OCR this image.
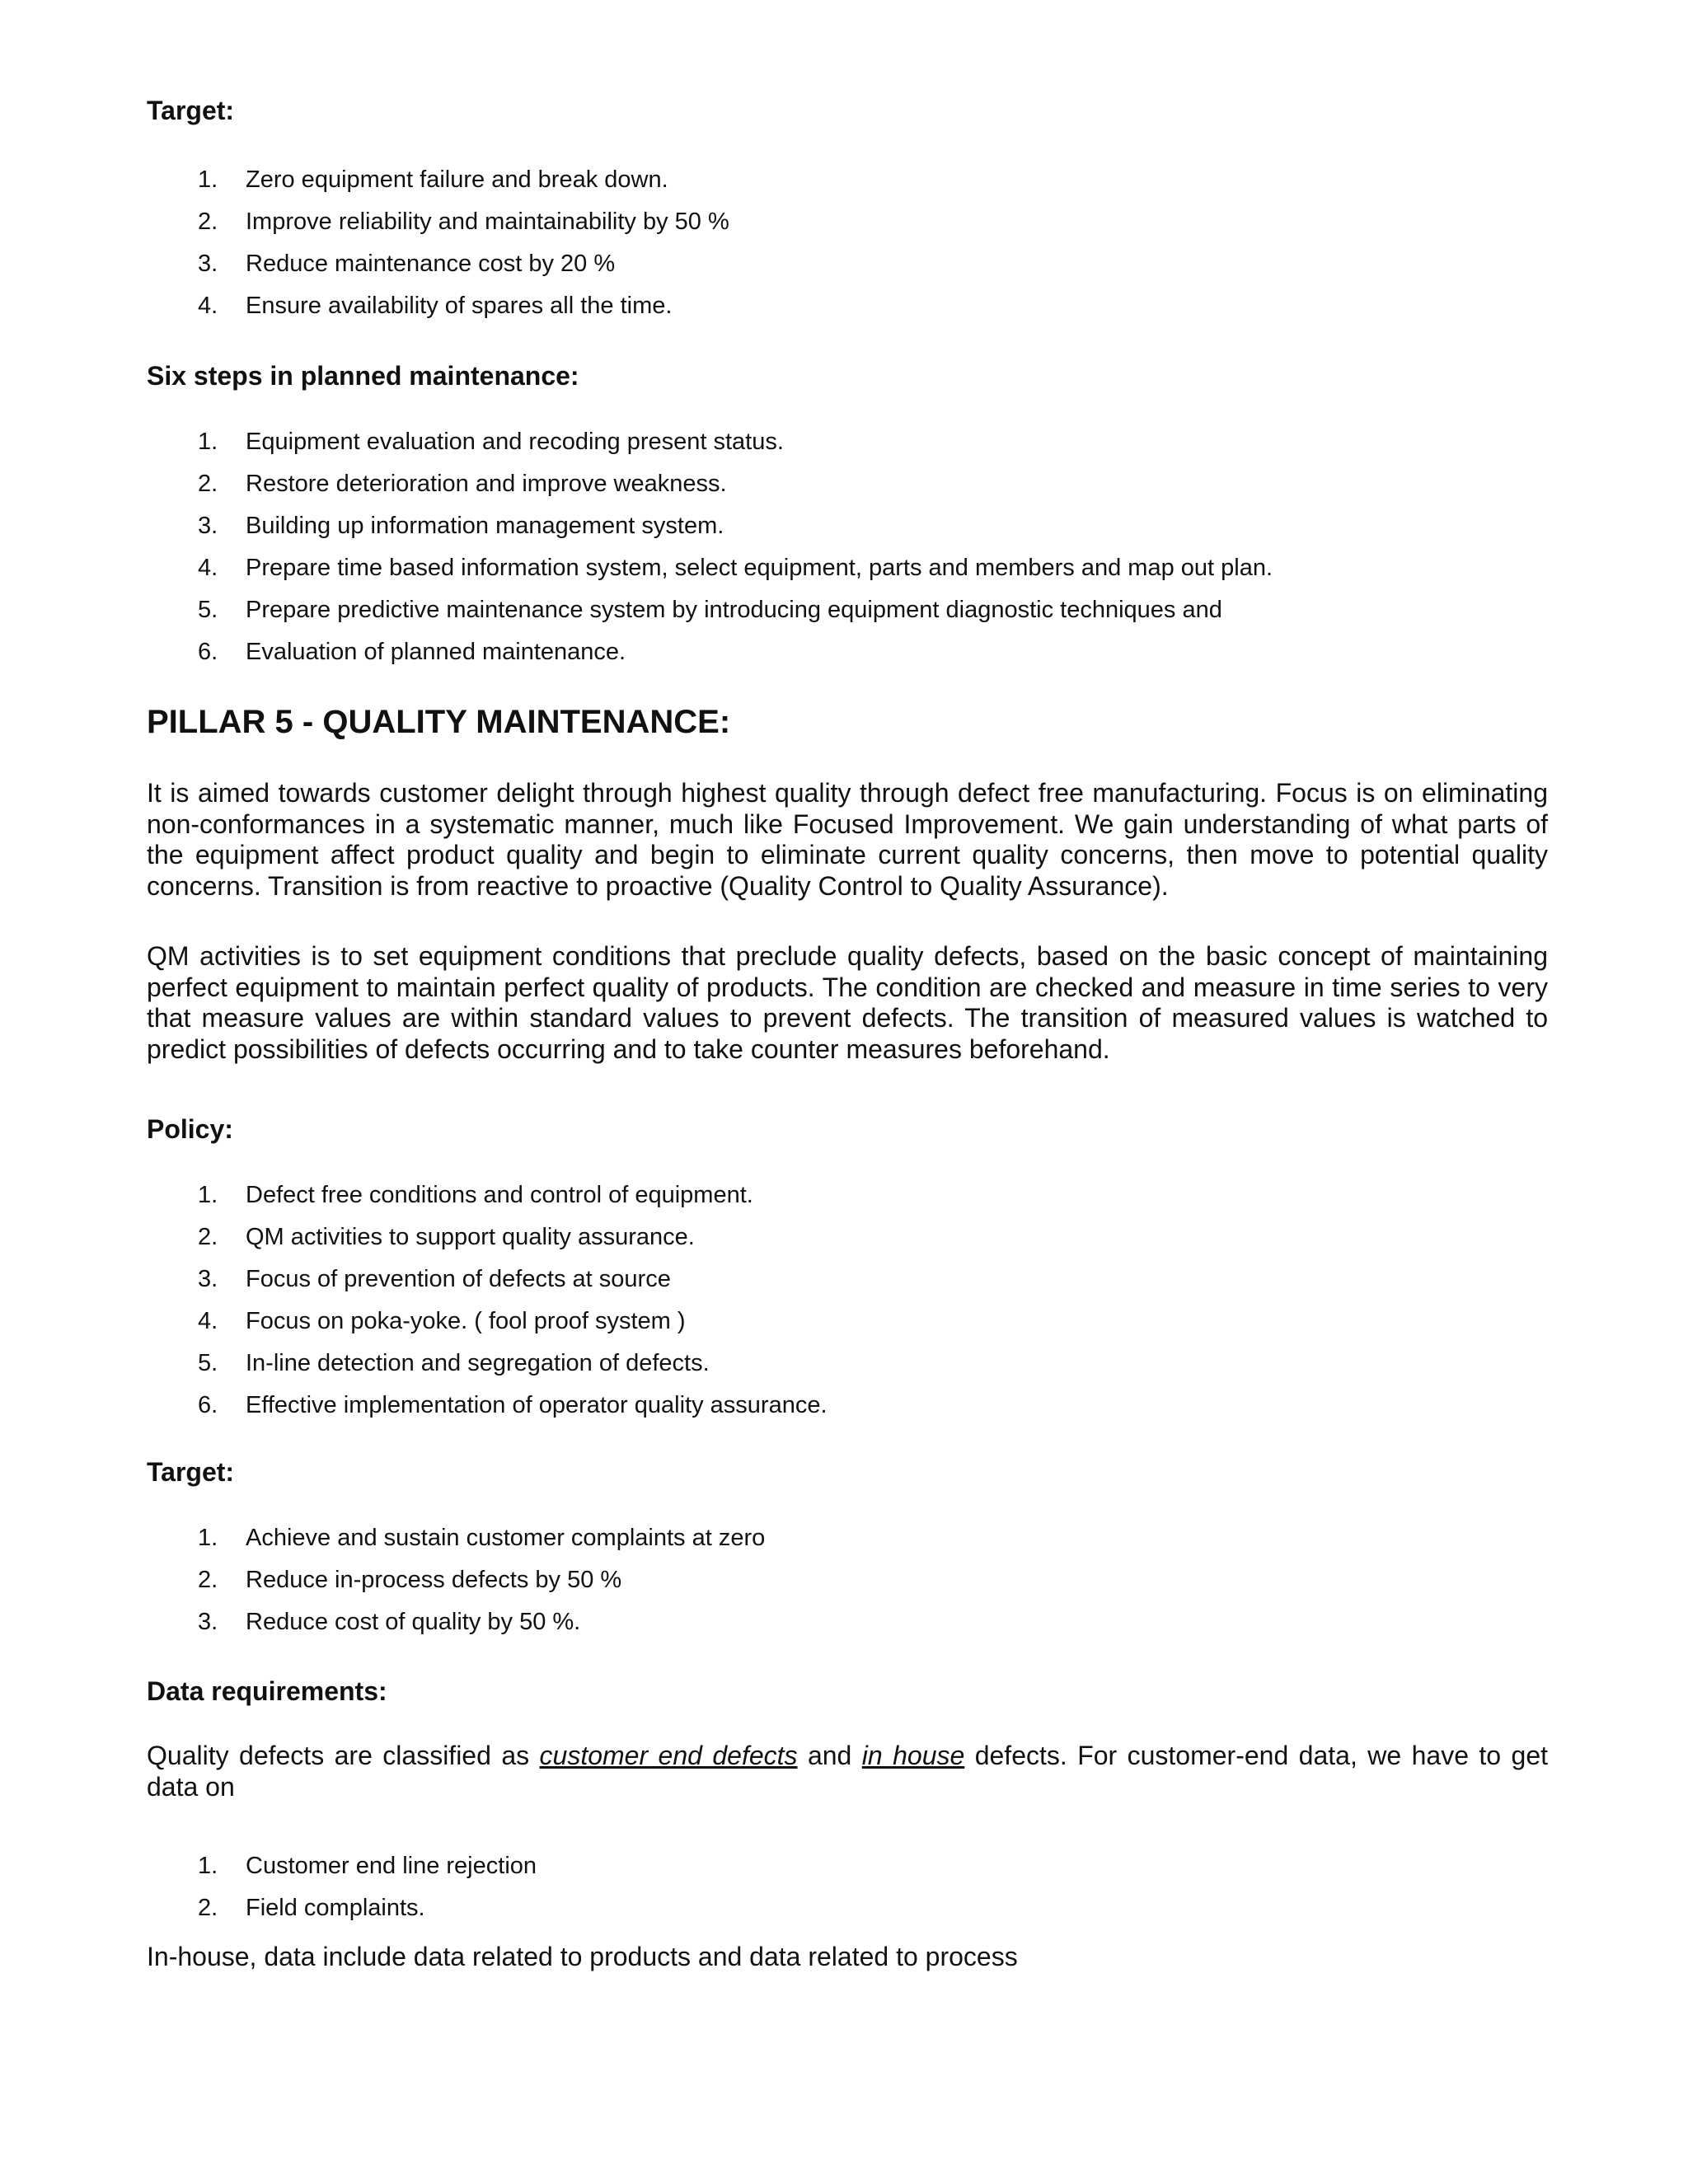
Target:
1.	Zero equipment failure and break down.
2.	Improve reliability and maintainability by 50 %
3.	Reduce maintenance cost by 20 %
4.	Ensure availability of spares all the time.
Six steps in planned maintenance:
1.	Equipment evaluation and recoding present status.
2.	Restore deterioration and improve weakness.
3.	Building up information management system.
4.	Prepare time based information system, select equipment, parts and members and map out plan.
5.	Prepare predictive maintenance system by introducing equipment diagnostic techniques and
6.	Evaluation of planned maintenance.
PILLAR 5 - QUALITY MAINTENANCE:

It is aimed towards customer delight through highest quality through defect free manufacturing. Focus is on eliminating non-conformances in a systematic manner, much like Focused Improvement. We gain understanding of what parts of the equipment affect product quality and begin to eliminate current quality concerns, then move to potential quality concerns. Transition is from reactive to proactive (Quality Control to Quality Assurance).

QM activities is to set equipment conditions that preclude quality defects, based on the basic concept of maintaining perfect equipment to maintain perfect quality of products. The condition are checked and measure in time series to very that measure values are within standard values to prevent defects. The transition of measured values is watched to predict possibilities of defects occurring and to take counter measures beforehand.

Policy:
1.	Defect free conditions and control of equipment.
2.	QM activities to support quality assurance.
3.	Focus of prevention of defects at source
4.	Focus on poka-yoke. ( fool proof system )
5.	In-line detection and segregation of defects.
6.	Effective implementation of operator quality assurance.
Target:
1.	Achieve and sustain customer complaints at zero
2.	Reduce in-process defects by 50 %
3.	Reduce cost of quality by 50 %.
Data requirements:

Quality defects are classified as customer end defects and in house defects. For customer-end data, we have to get data on

1.	Customer end line rejection
2.	Field complaints.

In-house, data include data related to products and data related to process
